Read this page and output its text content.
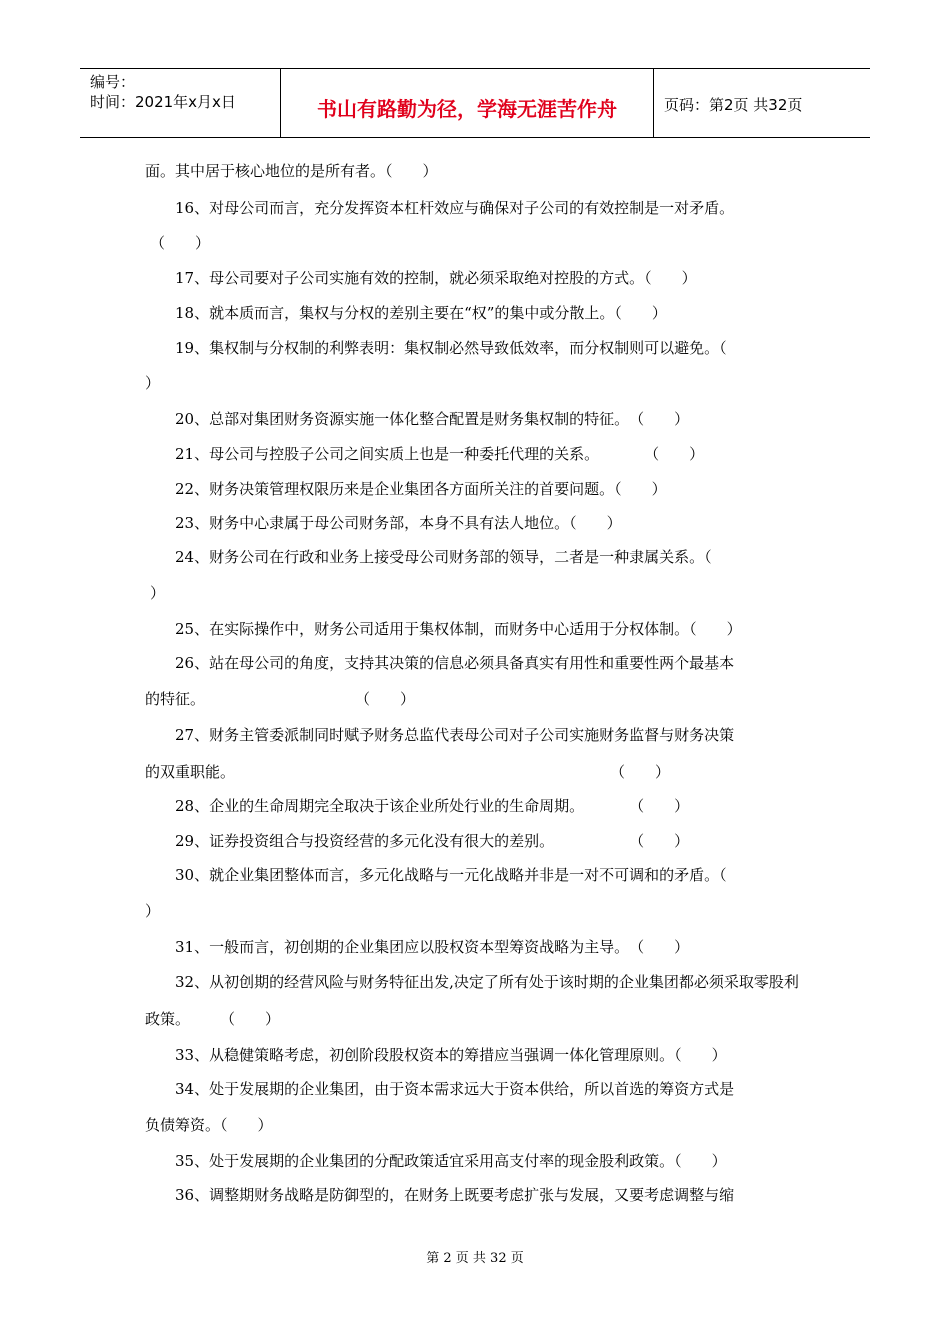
编号：
时间：2021年x月x日	书山有路勤为径，学海无涯苦作舟	页码：第2页 共32页
面。其中居于核心地位的是所有者。（　　）
16、对母公司而言，充分发挥资本杠杆效应与确保对子公司的有效控制是一对矛盾。
（　　）
17、母公司要对子公司实施有效的控制，就必须采取绝对控股的方式。（　　）
18、就本质而言，集权与分权的差别主要在“权”的集中或分散上。（　　）
19、集权制与分权制的利弊表明：集权制必然导致低效率，而分权制则可以避免。（
）
20、总部对集团财务资源实施一体化整合配置是财务集权制的特征。　（　　）
21、母公司与控股子公司之间实质上也是一种委托代理的关系。　　　　（　　）
22、财务决策管理权限历来是企业集团各方面所关注的首要问题。（　　）
23、财务中心隶属于母公司财务部，本身不具有法人地位。（　　）
24、财务公司在行政和业务上接受母公司财务部的领导，二者是一种隶属关系。（
）
25、在实际操作中，财务公司适用于集权体制，而财务中心适用于分权体制。（　　）
26、站在母公司的角度，支持其决策的信息必须具备真实有用性和重要性两个最基本
的特征。　　　　　　　　　　　（　　）
27、财务主管委派制同时赋予财务总监代表母公司对子公司实施财务监督与财务决策
的双重职能。　　　　　　　　　　　　　　　　　　　　　　　　　　（　　）
28、企业的生命周期完全取决于该企业所处行业的生命周期。　　　　（　　）
29、证券投资组合与投资经营的多元化没有很大的差别。　　　　　　（　　）
30、就企业集团整体而言，多元化战略与一元化战略并非是一对不可调和的矛盾。（
）
31、一般而言，初创期的企业集团应以股权资本型筹资战略为主导。　（　　）
32、从初创期的经营风险与财务特征出发,决定了所有处于该时期的企业集团都必须采取零股利
政策。　　　（　　）
33、从稳健策略考虑，初创阶段股权资本的筹措应当强调一体化管理原则。（　　）
34、处于发展期的企业集团，由于资本需求远大于资本供给，所以首选的筹资方式是
负债筹资。（　　）
35、处于发展期的企业集团的分配政策适宜采用高支付率的现金股利政策。（　　）
36、调整期财务战略是防御型的，在财务上既要考虑扩张与发展，又要考虑调整与缩
第 2 页 共 32 页
